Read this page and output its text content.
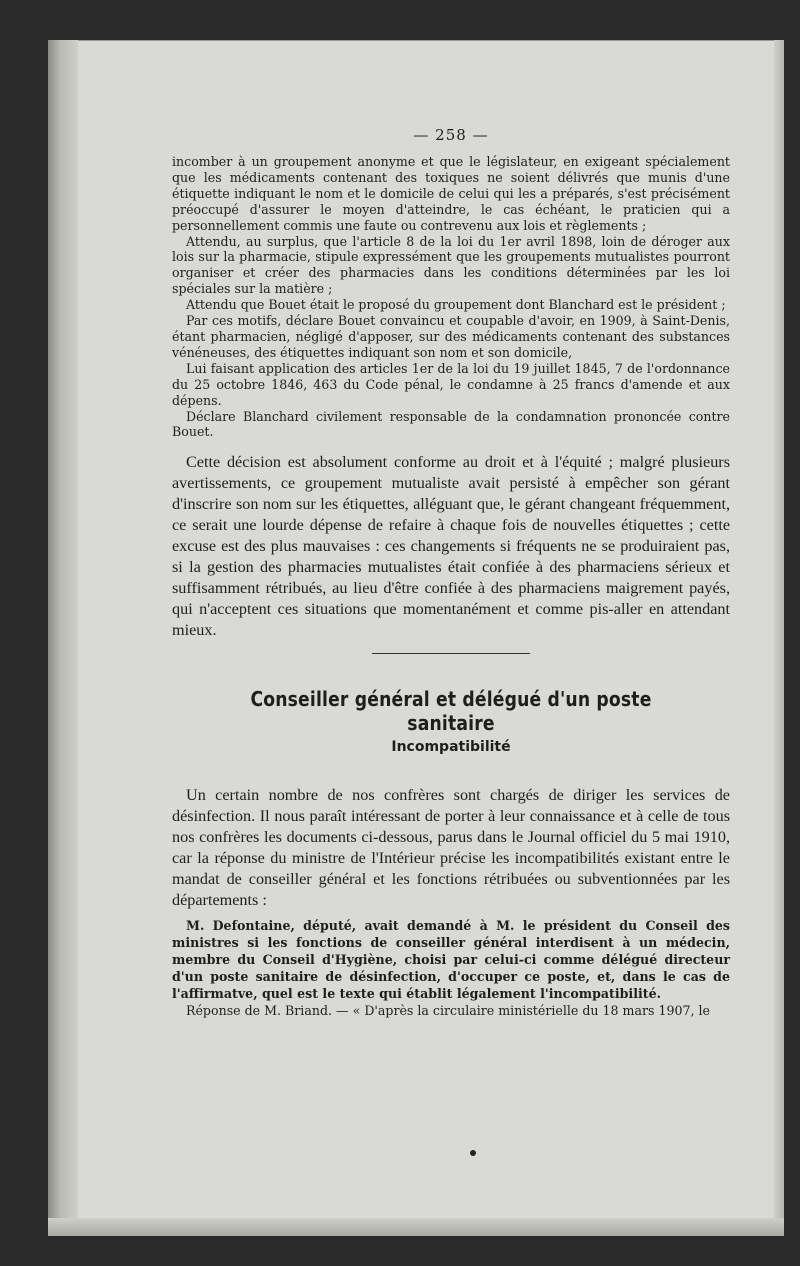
— 258 —

incomber à un groupement anonyme et que le législateur, en exigeant spécialement que les médicaments contenant des toxiques ne soient délivrés que munis d'une étiquette indiquant le nom et le domicile de celui qui les a préparés, s'est précisément préoccupé d'assurer le moyen d'atteindre, le cas échéant, le praticien qui a personnellement commis une faute ou contrevenu aux lois et règlements ;

Attendu, au surplus, que l'article 8 de la loi du 1er avril 1898, loin de déroger aux lois sur la pharmacie, stipule expressément que les groupements mutualistes pourront organiser et créer des pharmacies dans les conditions déterminées par les loi spéciales sur la matière ;

Attendu que Bouet était le proposé du groupement dont Blanchard est le président ;

Par ces motifs, déclare Bouet convaincu et coupable d'avoir, en 1909, à Saint-Denis, étant pharmacien, négligé d'apposer, sur des médicaments contenant des substances vénéneuses, des étiquettes indiquant son nom et son domicile,

Lui faisant application des articles 1er de la loi du 19 juillet 1845, 7 de l'ordonnance du 25 octobre 1846, 463 du Code pénal, le condamne à 25 francs d'amende et aux dépens.

Déclare Blanchard civilement responsable de la condamnation prononcée contre Bouet.

Cette décision est absolument conforme au droit et à l'équité ; malgré plusieurs avertissements, ce groupement mutualiste avait persisté à empêcher son gérant d'inscrire son nom sur les étiquettes, alléguant que, le gérant changeant fréquemment, ce serait une lourde dépense de refaire à chaque fois de nouvelles étiquettes ; cette excuse est des plus mauvaises : ces changements si fréquents ne se produiraient pas, si la gestion des pharmacies mutualistes était confiée à des pharmaciens sérieux et suffisamment rétribués, au lieu d'être confiée à des pharmaciens maigrement payés, qui n'acceptent ces situations que momentanément et comme pis-aller en attendant mieux.

Conseiller général et délégué d'un poste sanitaire
Incompatibilité

Un certain nombre de nos confrères sont chargés de diriger les services de désinfection. Il nous paraît intéressant de porter à leur connaissance et à celle de tous nos confrères les documents ci-dessous, parus dans le Journal officiel du 5 mai 1910, car la réponse du ministre de l'Intérieur précise les incompatibilités existant entre le mandat de conseiller général et les fonctions rétribuées ou subventionnées par les départements :

M. Defontaine, député, avait demandé à M. le président du Conseil des ministres si les fonctions de conseiller général interdisent à un médecin, membre du Conseil d'Hygiène, choisi par celui-ci comme délégué directeur d'un poste sanitaire de désinfection, d'occuper ce poste, et, dans le cas de l'affirmatve, quel est le texte qui établit légalement l'incompatibilité.

Réponse de M. Briand. — « D'après la circulaire ministérielle du 18 mars 1907, le
